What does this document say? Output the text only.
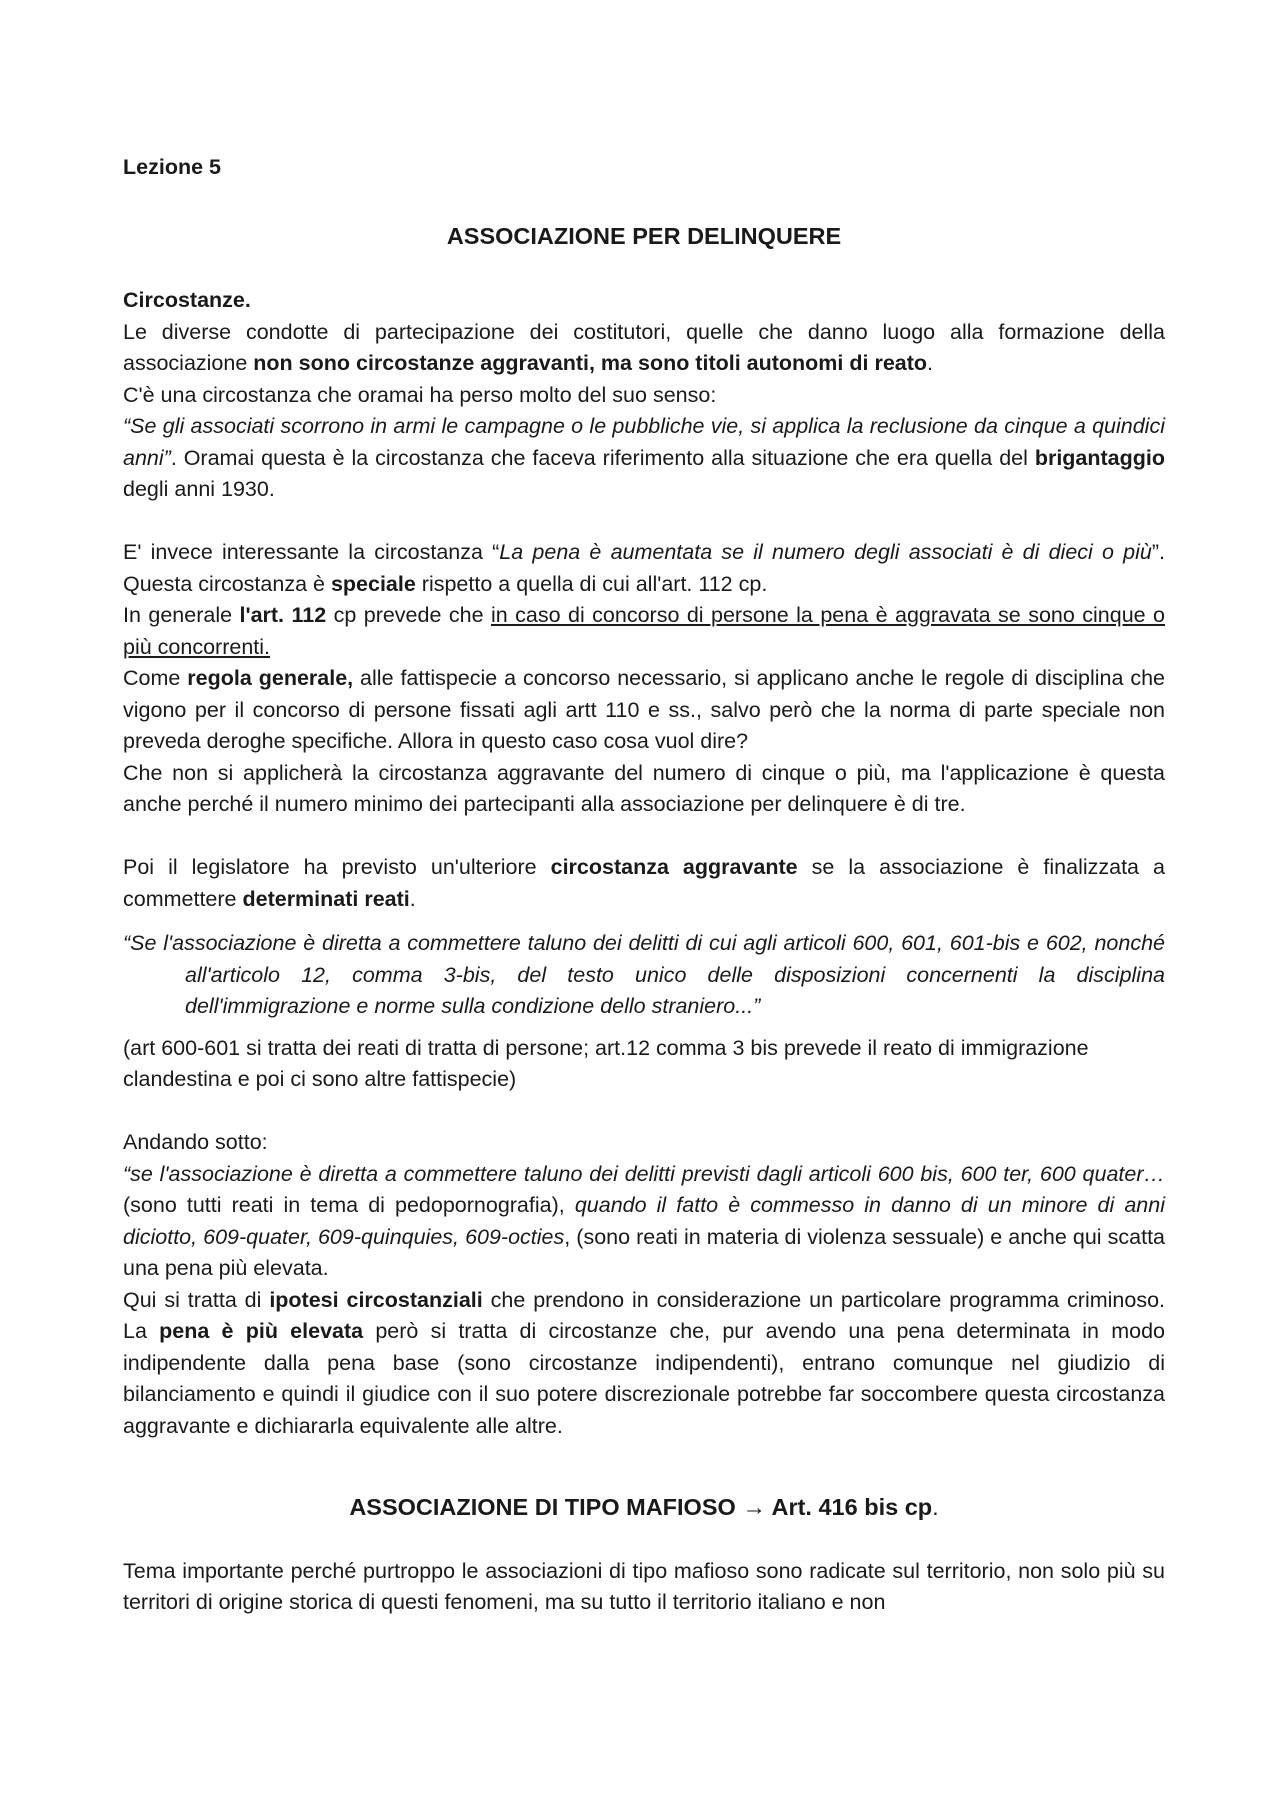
Lezione 5

ASSOCIAZIONE PER DELINQUERE

Circostanze.

Le diverse condotte di partecipazione dei costitutori, quelle che danno luogo alla formazione della associazione non sono circostanze aggravanti, ma sono titoli autonomi di reato.

C'è una circostanza che oramai ha perso molto del suo senso:

“Se gli associati scorrono in armi le campagne o le pubbliche vie, si applica la reclusione da cinque a quindici anni”. Oramai questa è la circostanza che faceva riferimento alla situazione che era quella del brigantaggio degli anni 1930.

E' invece interessante la circostanza “La pena è aumentata se il numero degli associati è di dieci o più”. Questa circostanza è speciale rispetto a quella di cui all'art. 112 cp.

In generale l'art. 112 cp prevede che in caso di concorso di persone la pena è aggravata se sono cinque o più concorrenti.

Come regola generale, alle fattispecie a concorso necessario, si applicano anche le regole di disciplina che vigono per il concorso di persone fissati agli artt 110 e ss., salvo però che la norma di parte speciale non preveda deroghe specifiche. Allora in questo caso cosa vuol dire?

Che non si applicherà la circostanza aggravante del numero di cinque o più, ma l'applicazione è questa anche perché il numero minimo dei partecipanti alla associazione per delinquere è di tre.

Poi il legislatore ha previsto un'ulteriore circostanza aggravante se la associazione è finalizzata a commettere determinati reati.

“Se l'associazione è diretta a commettere taluno dei delitti di cui agli articoli 600, 601, 601-bis e 602, nonché all'articolo 12, comma 3-bis, del testo unico delle disposizioni concernenti la disciplina dell'immigrazione e norme sulla condizione dello straniero...”

(art 600-601 si tratta dei reati di tratta di persone; art.12 comma 3 bis prevede il reato di immigrazione clandestina e poi ci sono altre fattispecie)

Andando sotto:

“se l'associazione è diretta a commettere taluno dei delitti previsti dagli articoli 600 bis, 600 ter, 600 quater… (sono tutti reati in tema di pedopornografia), quando il fatto è commesso in danno di un minore di anni diciotto, 609-quater, 609-quinquies, 609-octies, (sono reati in materia di violenza sessuale) e anche qui scatta una pena più elevata.

Qui si tratta di ipotesi circostanziali che prendono in considerazione un particolare programma criminoso. La pena è più elevata però si tratta di circostanze che, pur avendo una pena determinata in modo indipendente dalla pena base (sono circostanze indipendenti), entrano comunque nel giudizio di bilanciamento e quindi il giudice con il suo potere discrezionale potrebbe far soccombere questa circostanza aggravante e dichiararla equivalente alle altre.

ASSOCIAZIONE DI TIPO MAFIOSO → Art. 416 bis cp.

Tema importante perché purtroppo le associazioni di tipo mafioso sono radicate sul territorio, non solo più su territori di origine storica di questi fenomeni, ma su tutto il territorio italiano e non
